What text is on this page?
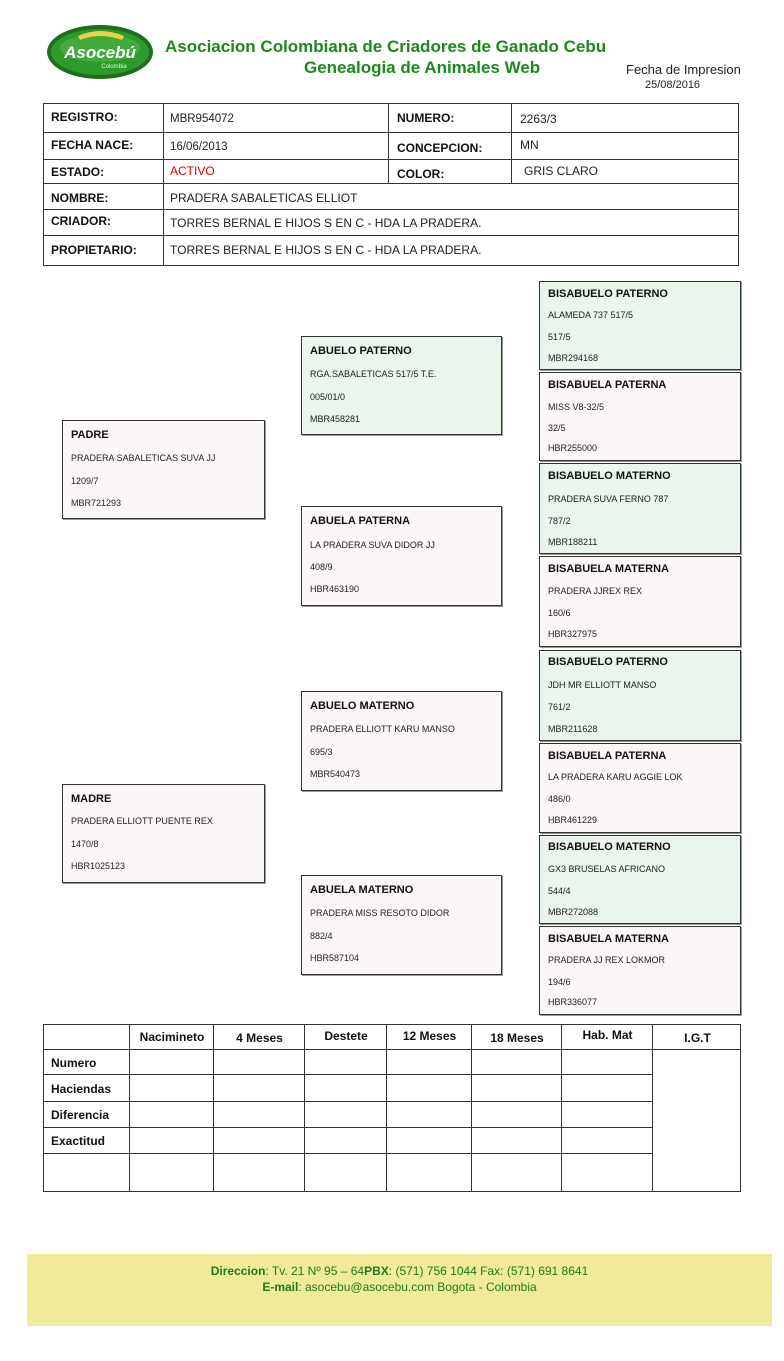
Asocebú
Colombia
Asociacion Colombiana de Criadores de Ganado Cebu
Genealogia de Animales Web	Fecha de Impresion
25/08/2016
REGISTRO:	MBR954072	NUMERO:	2263/3
FECHA NACE:	16/06/2013	CONCEPCION:	MN
ESTADO:	ACTIVO	COLOR:	GRIS CLARO
NOMBRE:	PRADERA SABALETICAS ELLIOT
CRIADOR:	TORRES BERNAL E HIJOS S EN C - HDA LA PRADERA.
PROPIETARIO:	TORRES BERNAL E HIJOS S EN C - HDA LA PRADERA.
PADRE
PRADERA SABALETICAS SUVA JJ
1209/7
MBR721293
MADRE
PRADERA ELLIOTT PUENTE REX
1470/8
HBR1025123
ABUELO PATERNO
RGA.SABALETICAS 517/5 T.E.
005/01/0
MBR458281
ABUELA PATERNA
LA PRADERA SUVA DIDOR JJ
408/9
HBR463190
ABUELO MATERNO
PRADERA ELLIOTT KARU MANSO
695/3
MBR540473
ABUELA MATERNO
PRADERA MISS RESOTO DIDOR
882/4
HBR587104
BISABUELO PATERNO
ALAMEDA 737 517/5
517/5
MBR294168
BISABUELA PATERNA
MISS V8-32/5
32/5
HBR255000
BISABUELO MATERNO
PRADERA SUVA FERNO 787
787/2
MBR188211
BISABUELA MATERNA
PRADERA JJREX REX
160/6
HBR327975
BISABUELO PATERNO
JDH MR ELLIOTT MANSO
761/2
MBR211628
BISABUELA PATERNA
LA PRADERA KARU AGGIE LOK
486/0
HBR461229
BISABUELO MATERNO
GX3 BRUSELAS AFRICANO
544/4
MBR272088
BISABUELA MATERNA
PRADERA JJ REX LOKMOR
194/6
HBR336077
Nacimineto	4 Meses	Destete	12 Meses	18 Meses	Hab. Mat	I.G.T
Numero
Haciendas
Diferencia
Exactitud
Direccion: Tv. 21 Nº 95 – 64PBX: (571) 756 1044 Fax: (571) 691 8641
E-mail: asocebu@asocebu.com Bogota - Colombia
